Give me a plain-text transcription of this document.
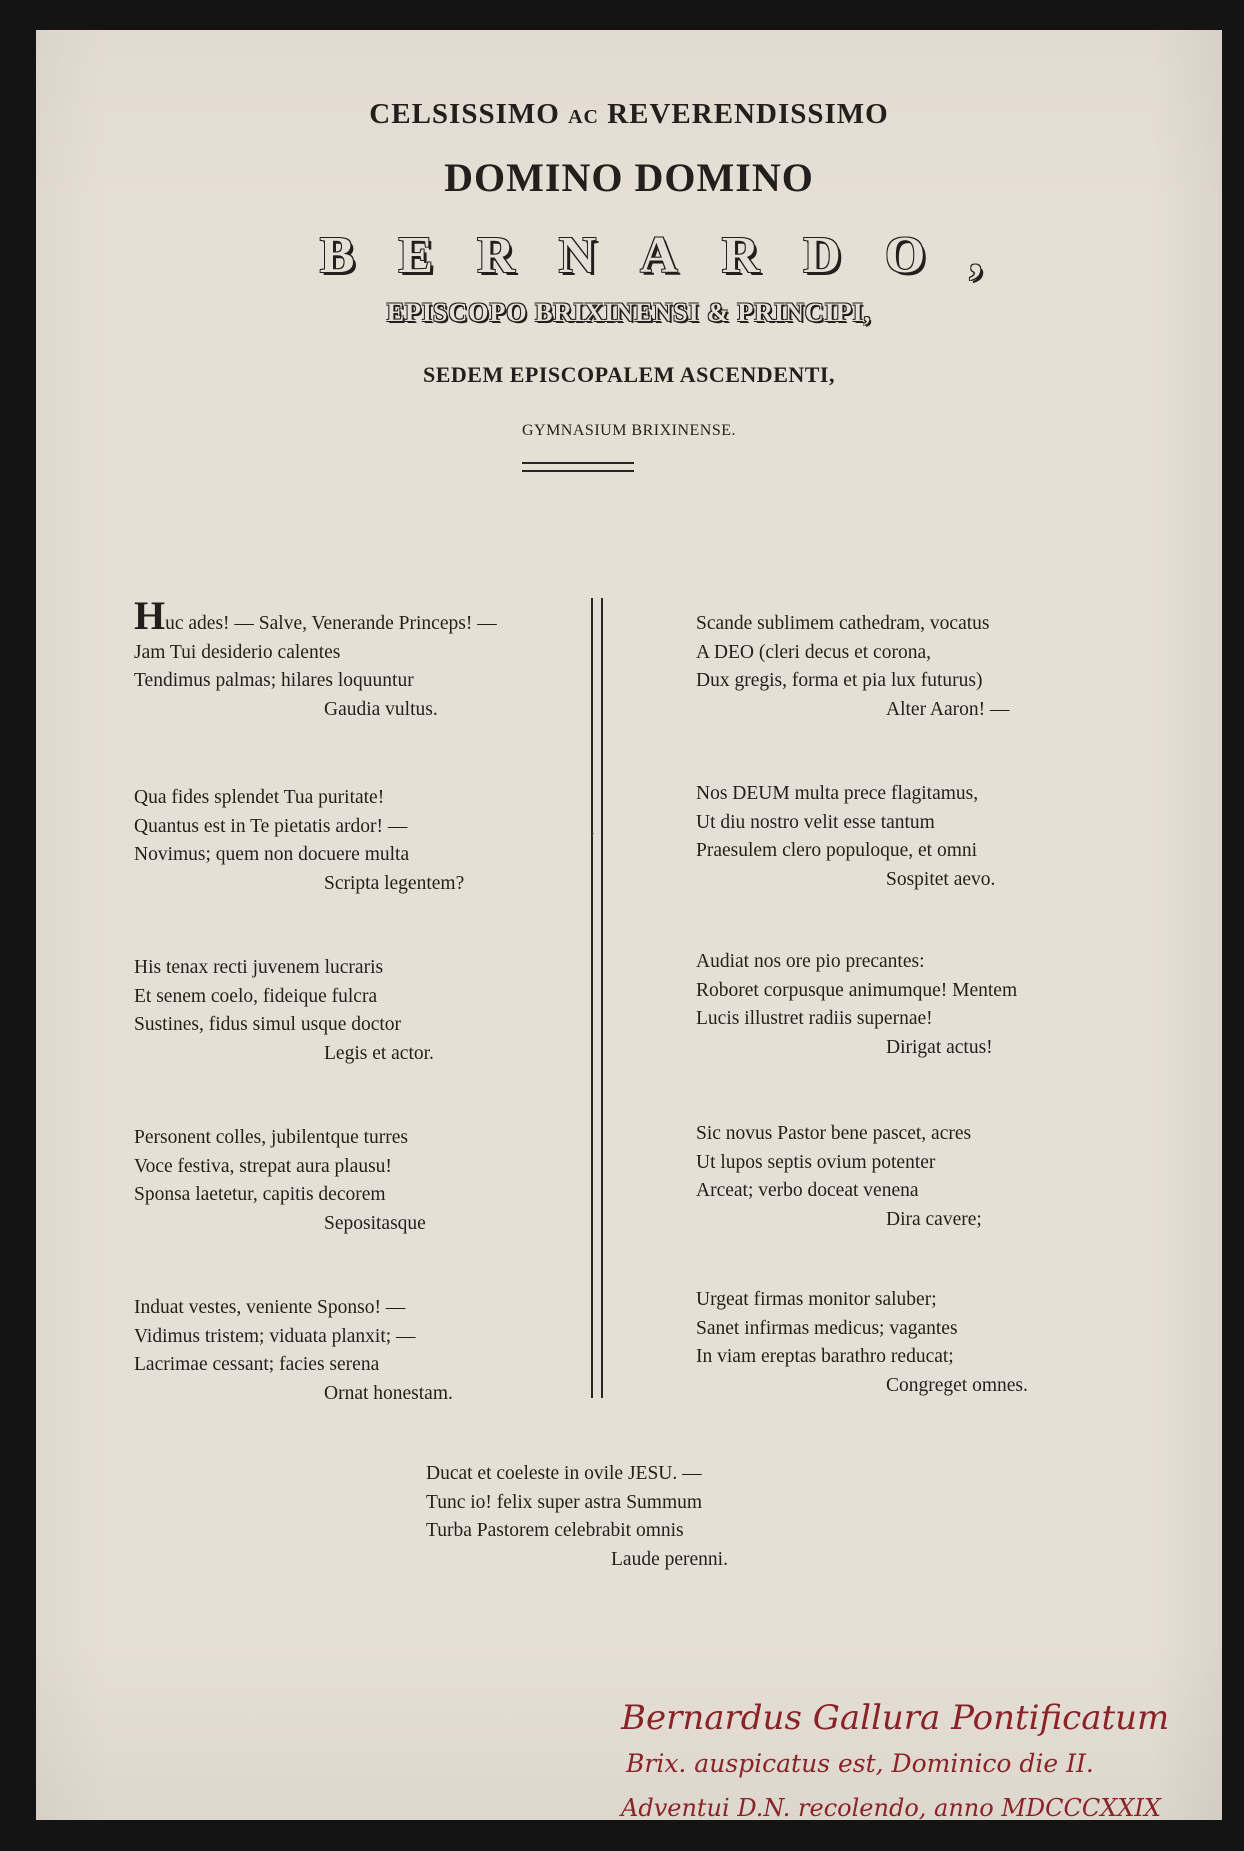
CELSISSIMO AC REVERENDISSIMO
DOMINO DOMINO
BERNARDO,
EPISCOPO BRIXINENSI & PRINCIPI,
SEDEM EPISCOPALEM ASCENDENTI,
GYMNASIUM BRIXINENSE.
ʳ
Huc ades! — Salve, Venerande Princeps! —
Jam Tui desiderio calentes
Tendimus palmas; hilares loquuntur
Gaudia vultus.
Qua fides splendet Tua puritate!
Quantus est in Te pietatis ardor! —
Novimus; quem non docuere multa
Scripta legentem?
His tenax recti juvenem lucraris
Et senem coelo, fideique fulcra
Sustines, fidus simul usque doctor
Legis et actor.
Personent colles, jubilentque turres
Voce festiva, strepat aura plausu!
Sponsa laetetur, capitis decorem
Sepositasque
Induat vestes, veniente Sponso! —
Vidimus tristem; viduata planxit; —
Lacrimae cessant; facies serena
Ornat honestam.
Scande sublimem cathedram, vocatus
A DEO (cleri decus et corona,
Dux gregis, forma et pia lux futurus)
Alter Aaron! —
Nos DEUM multa prece flagitamus,
Ut diu nostro velit esse tantum
Praesulem clero populoque, et omni
Sospitet aevo.
Audiat nos ore pio precantes:
Roboret corpusque animumque! Mentem
Lucis illustret radiis supernae!
Dirigat actus!
Sic novus Pastor bene pascet, acres
Ut lupos septis ovium potenter
Arceat; verbo doceat venena
Dira cavere;
Urgeat firmas monitor saluber;
Sanet infirmas medicus; vagantes
In viam ereptas barathro reducat;
Congreget omnes.
Ducat et coeleste in ovile JESU. —
Tunc io! felix super astra Summum
Turba Pastorem celebrabit omnis
Laude perenni.
Bernardus Gallura Pontificatum
Brix. auspicatus est, Dominico die II.
Adventui D.N. recolendo, anno MDCCCXXIX
